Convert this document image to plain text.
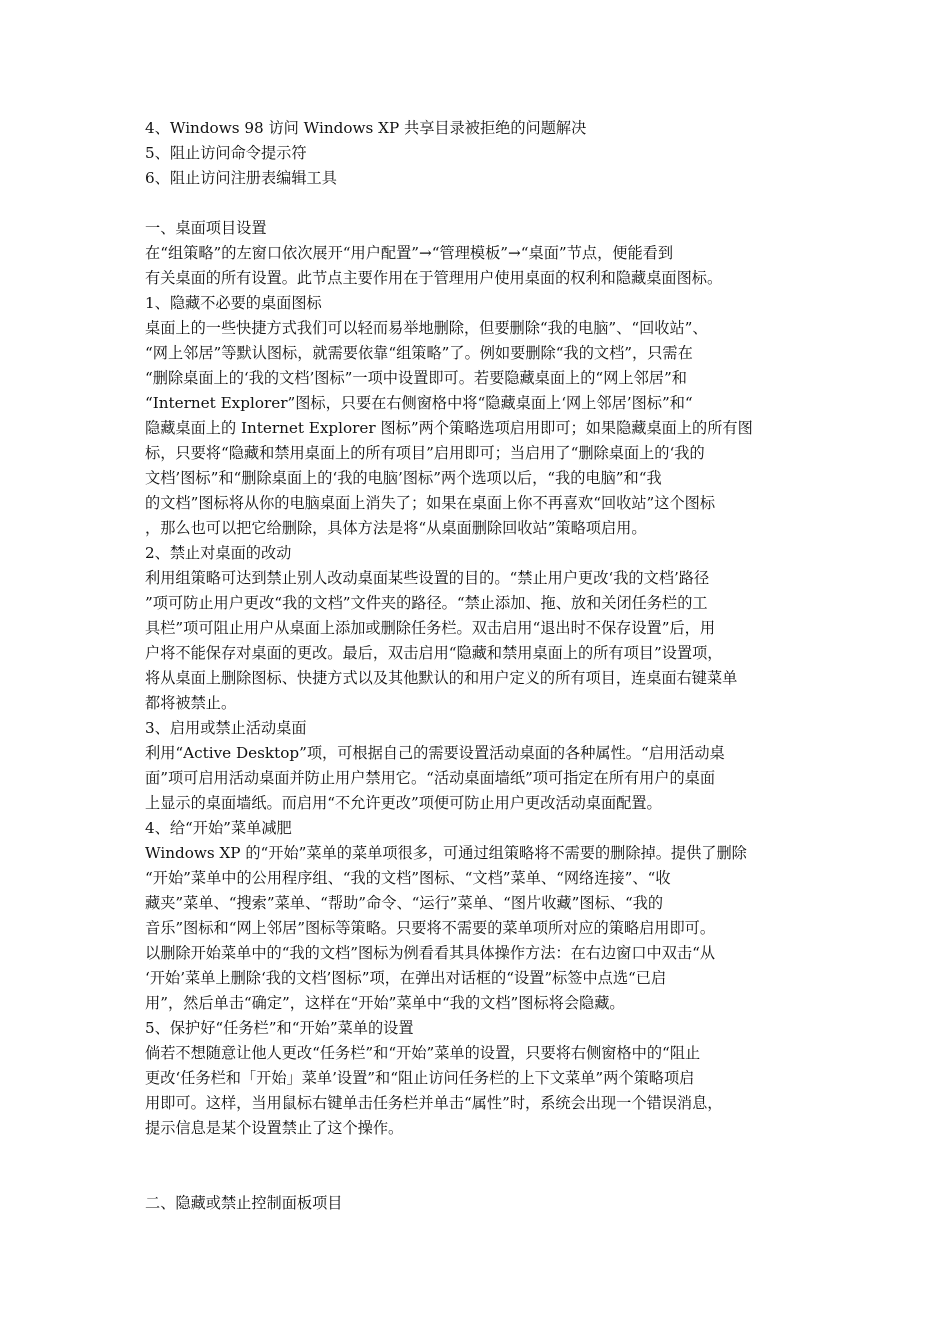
4、Windows 98 访问 Windows XP 共享目录被拒绝的问题解决
5、阻止访问命令提示符
6、阻止访问注册表编辑工具
一、桌面项目设置
在“组策略”的左窗口依次展开“用户配置”→“管理模板”→“桌面”节点，便能看到
有关桌面的所有设置。此节点主要作用在于管理用户使用桌面的权利和隐藏桌面图标。
1、隐藏不必要的桌面图标
桌面上的一些快捷方式我们可以轻而易举地删除，但要删除“我的电脑”、“回收站”、
“网上邻居”等默认图标，就需要依靠“组策略”了。例如要删除“我的文档”，只需在
“删除桌面上的‘我的文档’图标”一项中设置即可。若要隐藏桌面上的“网上邻居”和
“Internet Explorer”图标，只要在右侧窗格中将“隐藏桌面上‘网上邻居’图标”和“
隐藏桌面上的 Internet Explorer 图标”两个策略选项启用即可；如果隐藏桌面上的所有图
标，只要将“隐藏和禁用桌面上的所有项目”启用即可；当启用了“删除桌面上的‘我的
文档’图标”和“删除桌面上的‘我的电脑’图标”两个选项以后，“我的电脑”和“我
的文档”图标将从你的电脑桌面上消失了；如果在桌面上你不再喜欢“回收站”这个图标
，那么也可以把它给删除，具体方法是将“从桌面删除回收站”策略项启用。
2、禁止对桌面的改动
利用组策略可达到禁止别人改动桌面某些设置的目的。“禁止用户更改‘我的文档’路径
”项可防止用户更改“我的文档”文件夹的路径。“禁止添加、拖、放和关闭任务栏的工
具栏”项可阻止用户从桌面上添加或删除任务栏。双击启用“退出时不保存设置”后，用
户将不能保存对桌面的更改。最后，双击启用“隐藏和禁用桌面上的所有项目”设置项，
将从桌面上删除图标、快捷方式以及其他默认的和用户定义的所有项目，连桌面右键菜单
都将被禁止。
3、启用或禁止活动桌面
利用“Active Desktop”项，可根据自己的需要设置活动桌面的各种属性。“启用活动桌
面”项可启用活动桌面并防止用户禁用它。“活动桌面墙纸”项可指定在所有用户的桌面
上显示的桌面墙纸。而启用“不允许更改”项便可防止用户更改活动桌面配置。
4、给“开始”菜单减肥
Windows XP 的“开始”菜单的菜单项很多，可通过组策略将不需要的删除掉。提供了删除
“开始”菜单中的公用程序组、“我的文档”图标、“文档”菜单、“网络连接”、“收
藏夹”菜单、“搜索”菜单、“帮助”命令、“运行”菜单、“图片收藏”图标、“我的
音乐”图标和“网上邻居”图标等策略。只要将不需要的菜单项所对应的策略启用即可。
以删除开始菜单中的“我的文档”图标为例看看其具体操作方法：在右边窗口中双击“从
‘开始’菜单上删除‘我的文档’图标”项，在弹出对话框的“设置”标签中点选“已启
用”，然后单击“确定”，这样在“开始”菜单中“我的文档”图标将会隐藏。
5、保护好“任务栏”和“开始”菜单的设置
倘若不想随意让他人更改“任务栏”和“开始”菜单的设置，只要将右侧窗格中的“阻止
更改‘任务栏和「开始」菜单’设置”和“阻止访问任务栏的上下文菜单”两个策略项启
用即可。这样，当用鼠标右键单击任务栏并单击“属性”时，系统会出现一个错误消息，
提示信息是某个设置禁止了这个操作。
二、隐藏或禁止控制面板项目
